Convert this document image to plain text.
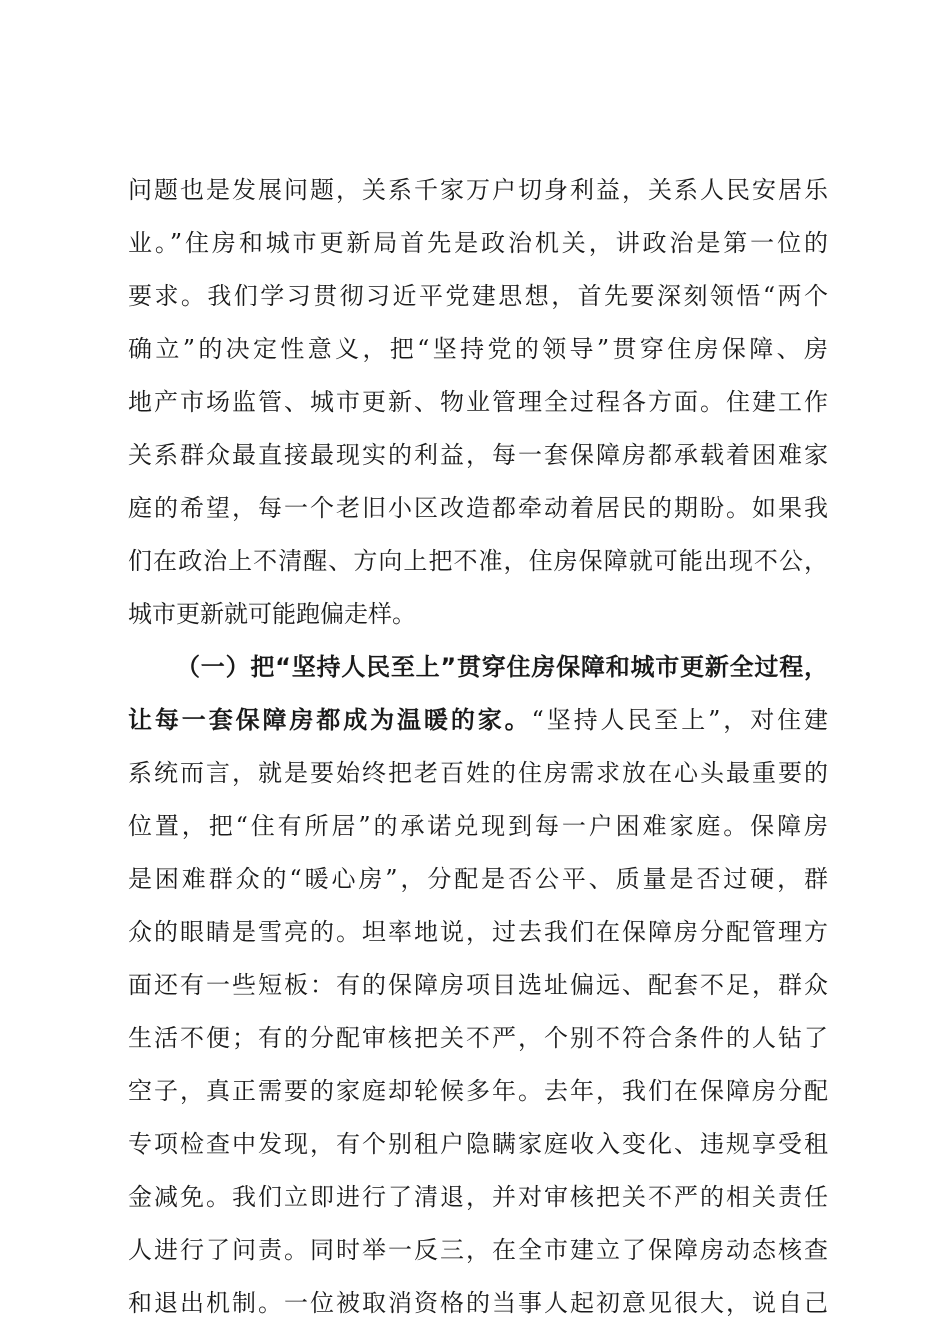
问题也是发展问题，关系千家万户切身利益，关系人民安居乐
业。”住房和城市更新局首先是政治机关，讲政治是第一位的
要求。我们学习贯彻习近平党建思想，首先要深刻领悟“两个
确立”的决定性意义，把“坚持党的领导”贯穿住房保障、房
地产市场监管、城市更新、物业管理全过程各方面。住建工作
关系群众最直接最现实的利益，每一套保障房都承载着困难家
庭的希望，每一个老旧小区改造都牵动着居民的期盼。如果我
们在政治上不清醒、方向上把不准，住房保障就可能出现不公，
城市更新就可能跑偏走样。
（一）把“坚持人民至上”贯穿住房保障和城市更新全过程，
让每一套保障房都成为温暖的家。“坚持人民至上”，对住建
系统而言，就是要始终把老百姓的住房需求放在心头最重要的
位置，把“住有所居”的承诺兑现到每一户困难家庭。保障房
是困难群众的“暖心房”，分配是否公平、质量是否过硬，群
众的眼睛是雪亮的。坦率地说，过去我们在保障房分配管理方
面还有一些短板：有的保障房项目选址偏远、配套不足，群众
生活不便；有的分配审核把关不严，个别不符合条件的人钻了
空子，真正需要的家庭却轮候多年。去年，我们在保障房分配
专项检查中发现，有个别租户隐瞒家庭收入变化、违规享受租
金减免。我们立即进行了清退，并对审核把关不严的相关责任
人进行了问责。同时举一反三，在全市建立了保障房动态核查
和退出机制。一位被取消资格的当事人起初意见很大，说自己
